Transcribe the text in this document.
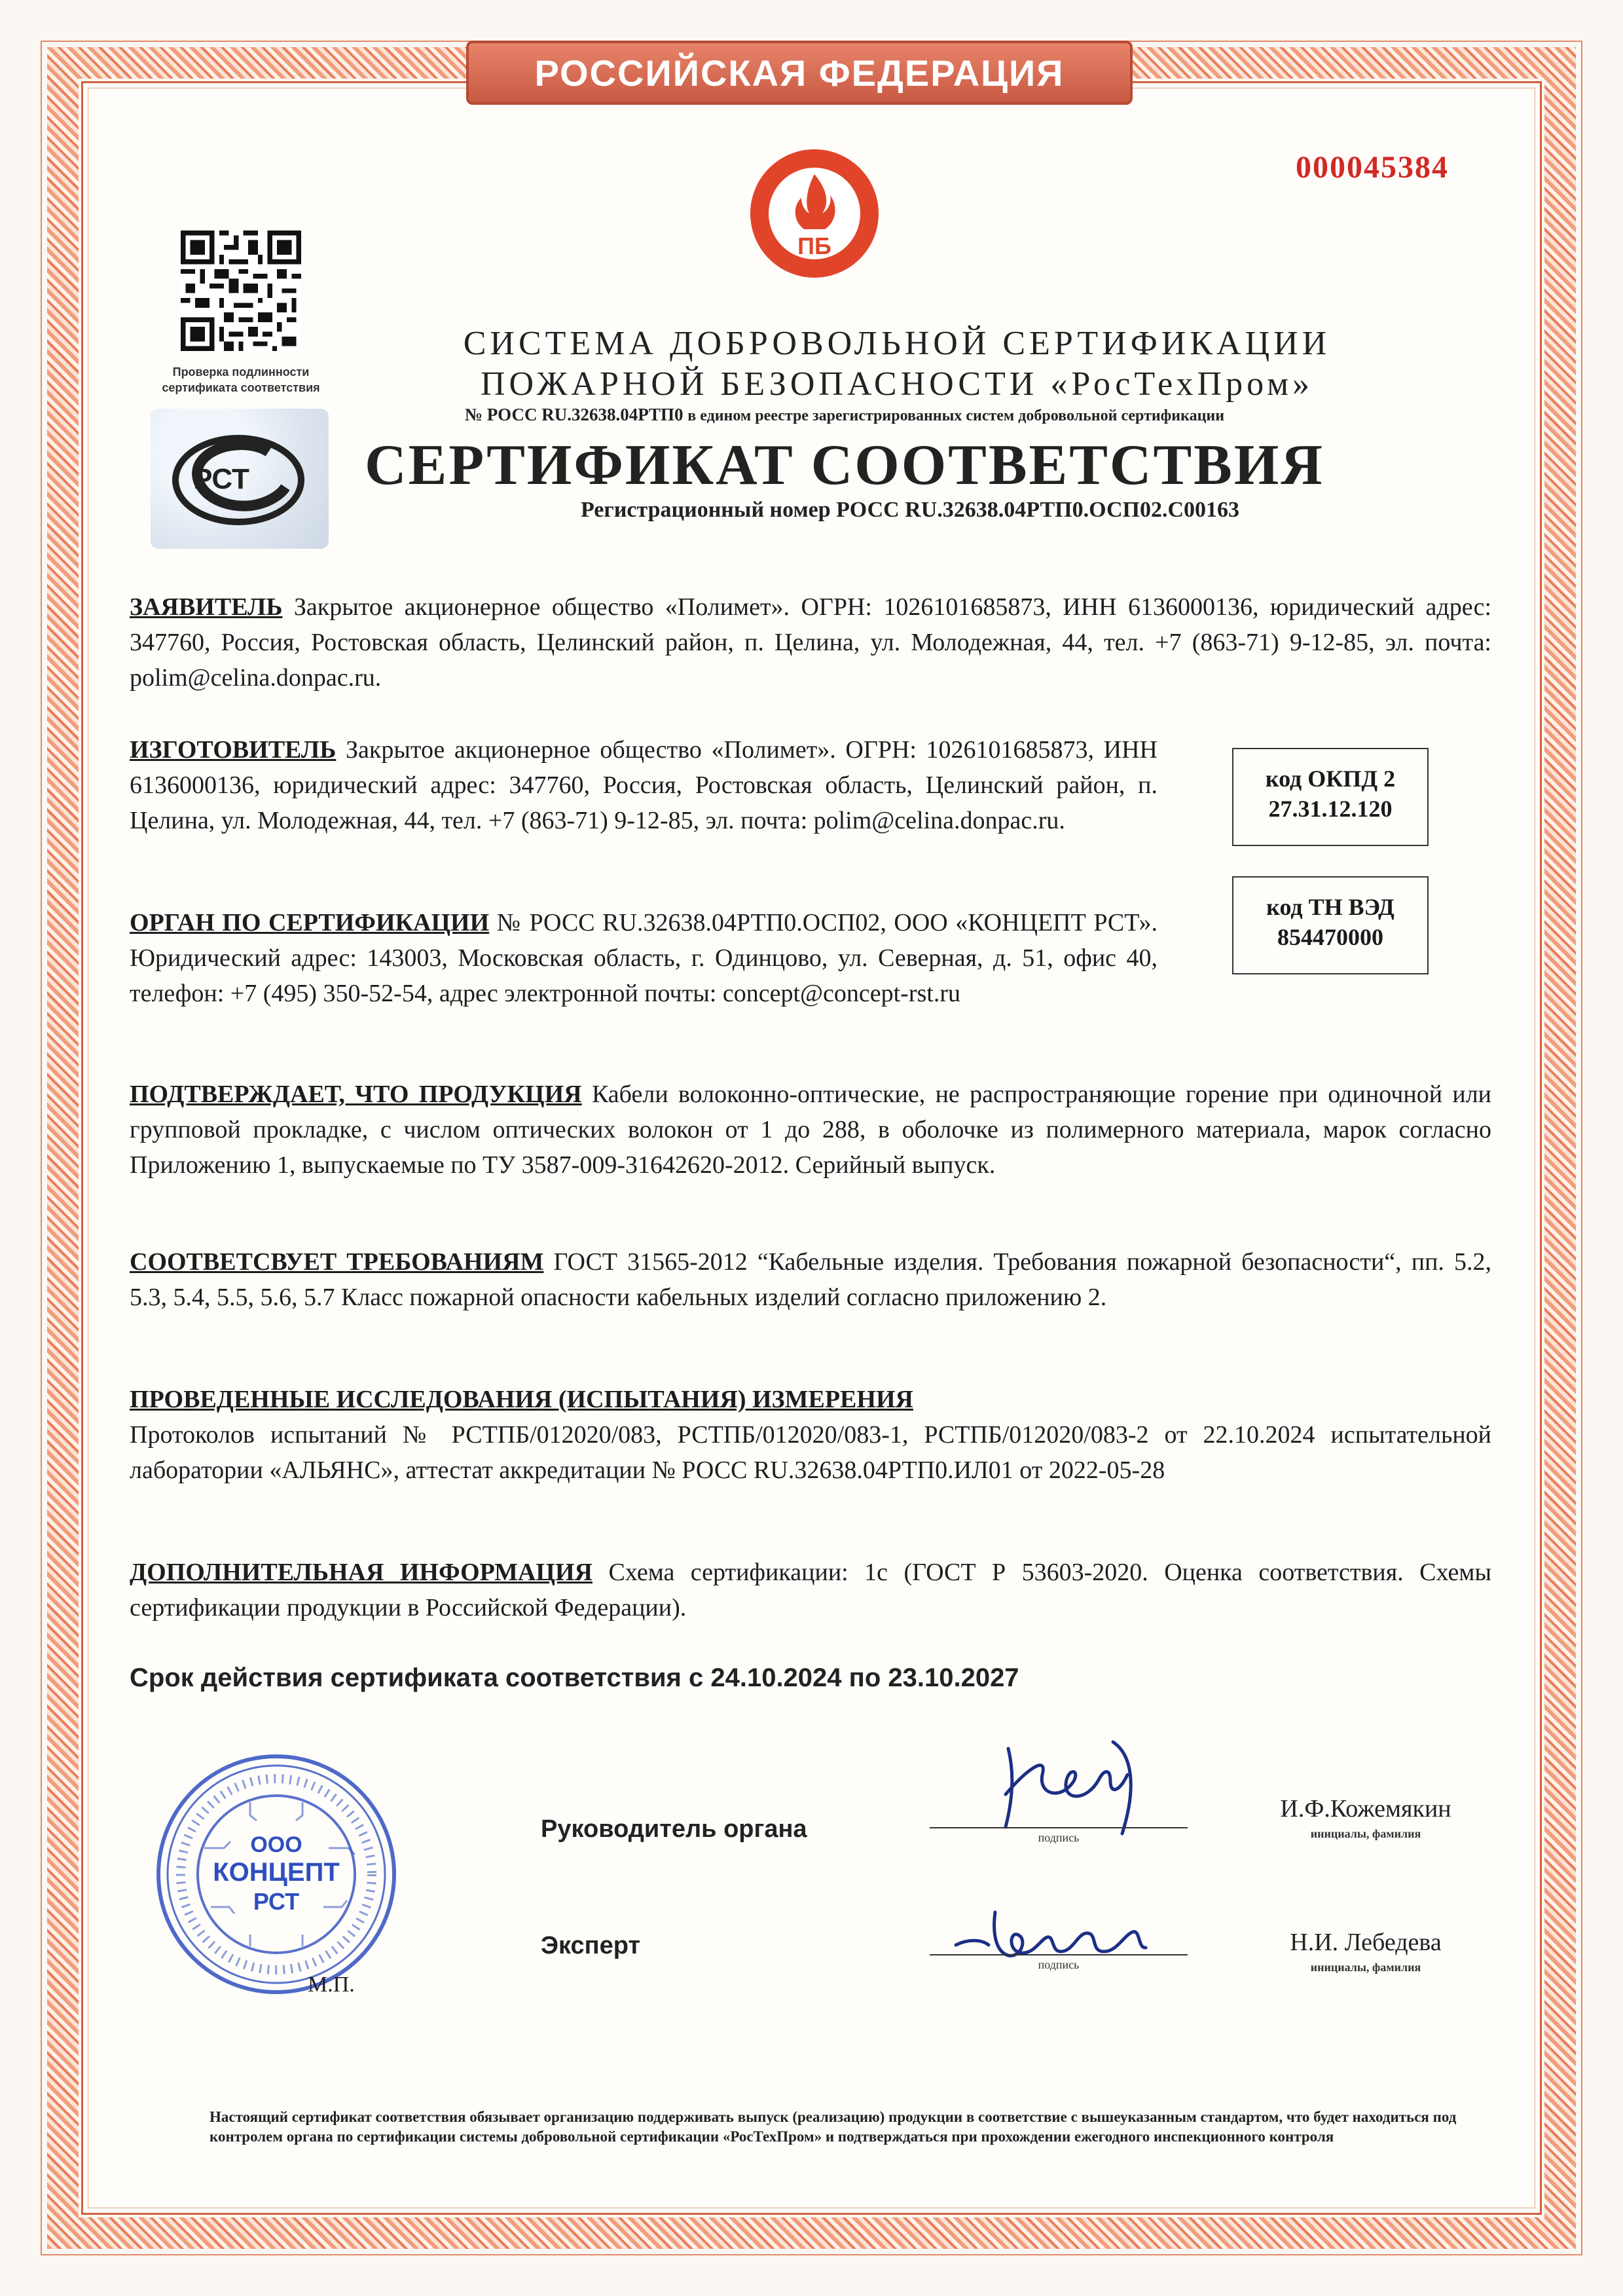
РОССИЙСКАЯ ФЕДЕРАЦИЯ
000045384
ПБ
Проверка подлинности
сертификата соответствия
РСТ
СИСТЕМА ДОБРОВОЛЬНОЙ СЕРТИФИКАЦИИ
ПОЖАРНОЙ БЕЗОПАСНОСТИ «РосТехПром»
№ РОСС RU.32638.04РТП0 в едином реестре зарегистрированных систем добровольной сертификации
СЕРТИФИКАТ СООТВЕТСТВИЯ
Регистрационный номер РОСС RU.32638.04РТП0.ОСП02.С00163
ЗАЯВИТЕЛЬ Закрытое акционерное общество «Полимет». ОГРН: 1026101685873, ИНН 6136000136, юридический адрес: 347760, Россия, Ростовская область, Целинский район, п. Целина, ул. Молодежная, 44, тел. +7 (863-71) 9-12-85, эл. почта: polim@celina.donpac.ru.
ИЗГОТОВИТЕЛЬ Закрытое акционерное общество «Полимет». ОГРН: 1026101685873, ИНН 6136000136, юридический адрес: 347760, Россия, Ростовская область, Целинский район, п. Целина, ул. Молодежная, 44, тел. +7 (863-71) 9-12-85, эл. почта: polim@celina.donpac.ru.
код ОКПД 2
27.31.12.120
код ТН ВЭД
854470000
ОРГАН ПО СЕРТИФИКАЦИИ № РОСС RU.32638.04РТП0.ОСП02, ООО «КОНЦЕПТ РСТ». Юридический адрес: 143003, Московская область, г. Одинцово, ул. Северная, д. 51, офис 40, телефон: +7 (495) 350-52-54, адрес электронной почты: concept@concept-rst.ru
ПОДТВЕРЖДАЕТ, ЧТО ПРОДУКЦИЯ Кабели волоконно-оптические, не распространяющие горение при одиночной или групповой прокладке, с числом оптических волокон от 1 до 288, в оболочке из полимерного материала, марок согласно Приложению 1, выпускаемые по ТУ 3587-009-31642620-2012. Серийный выпуск.
СООТВЕТСВУЕТ ТРЕБОВАНИЯМ ГОСТ 31565-2012 “Кабельные изделия. Требования пожарной безопасности“, пп. 5.2, 5.3, 5.4, 5.5, 5.6, 5.7 Класс пожарной опасности кабельных изделий согласно приложению 2.
ПРОВЕДЕННЫЕ ИССЛЕДОВАНИЯ (ИСПЫТАНИЯ) ИЗМЕРЕНИЯ
Протоколов испытаний № РСТПБ/012020/083, РСТПБ/012020/083-1, РСТПБ/012020/083-2 от 22.10.2024 испытательной лаборатории «АЛЬЯНС», аттестат аккредитации № РОСС RU.32638.04РТП0.ИЛ01 от 2022-05-28
ДОПОЛНИТЕЛЬНАЯ ИНФОРМАЦИЯ Схема сертификации: 1с (ГОСТ Р 53603-2020. Оценка соответствия. Схемы сертификации продукции в Российской Федерации).
Срок действия сертификата соответствия с 24.10.2024 по 23.10.2027
ООО
КОНЦЕПТ
РСТ
М.П.
Руководитель органа	подпись
И.Ф.Кожемякин
инициалы, фамилия
Эксперт
подпись
Н.И. Лебедева
инициалы, фамилия
Настоящий сертификат соответствия обязывает организацию поддерживать выпуск (реализацию) продукции в соответствие с вышеуказанным стандартом, что будет находиться под контролем органа по сертификации системы добровольной сертификации «РосТехПром» и подтверждаться при прохождении ежегодного инспекционного контроля
